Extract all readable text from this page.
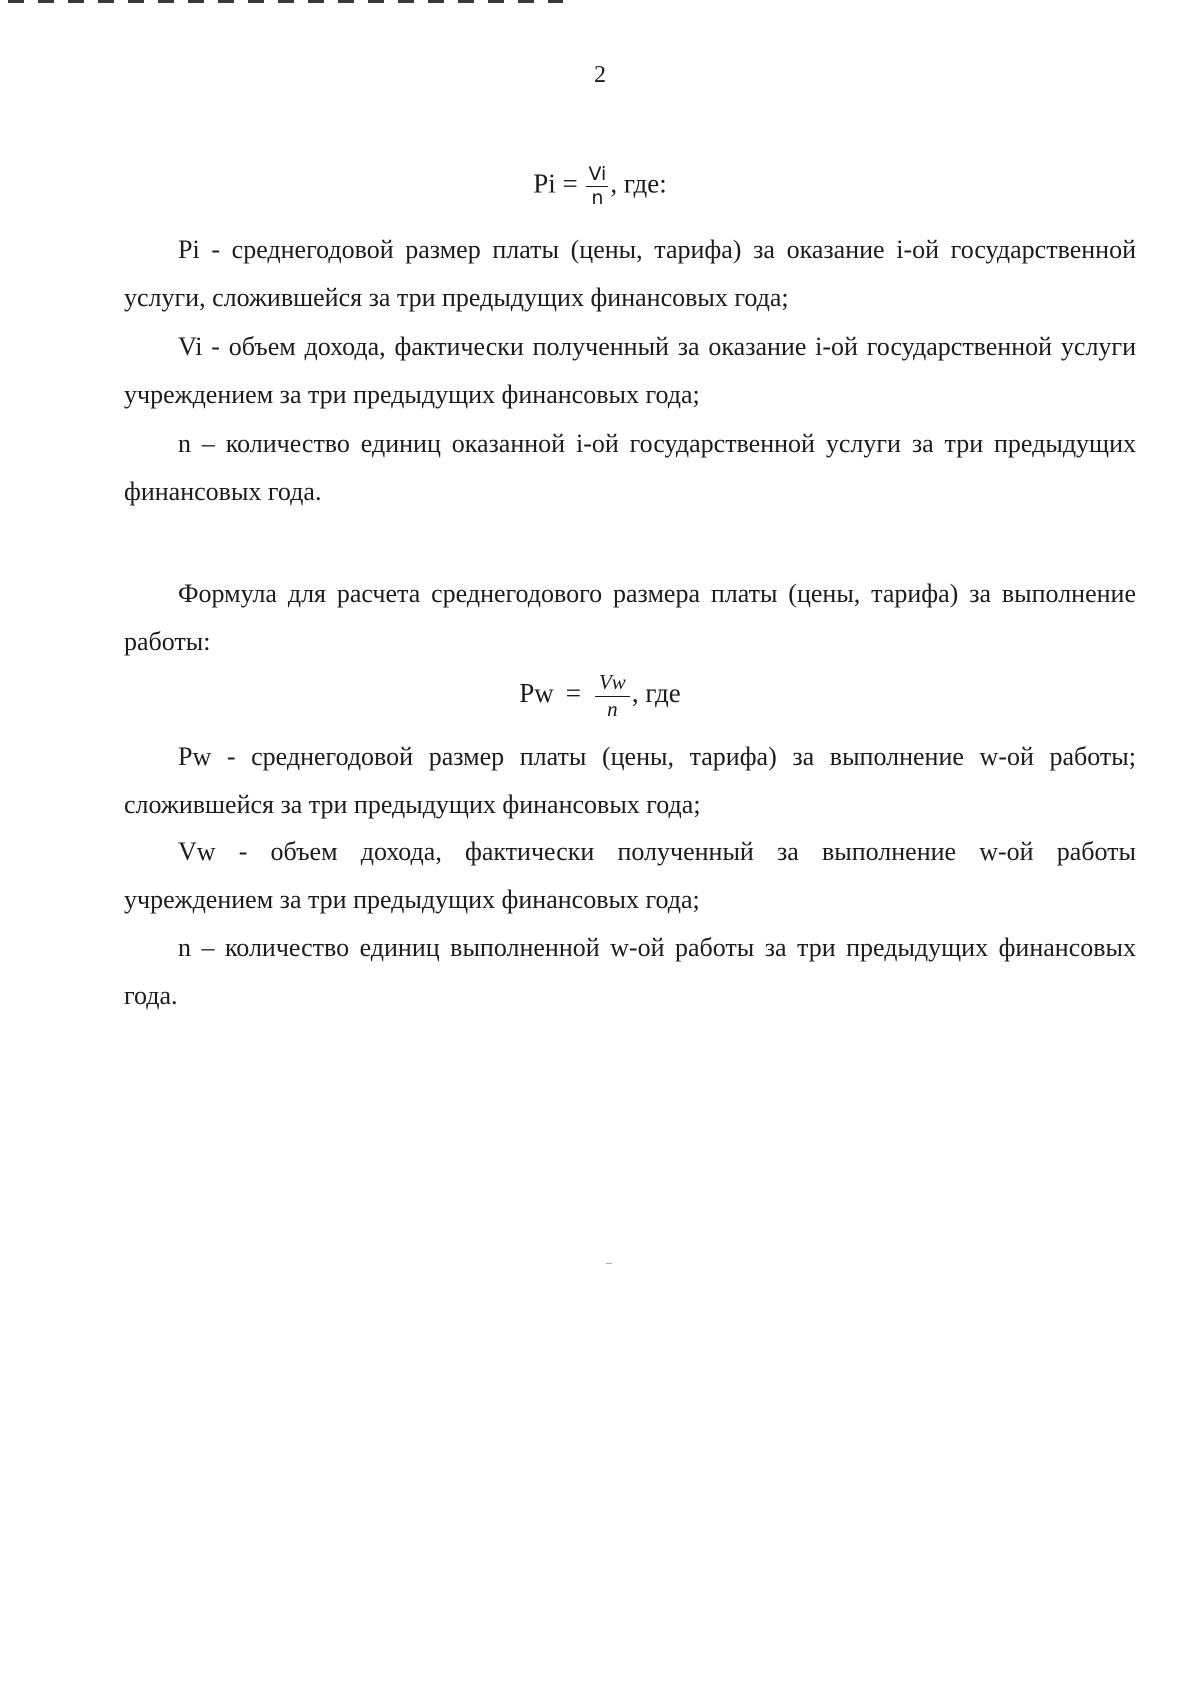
2
$Pi = \frac{Vi}{n}$ , где:

Pi - среднегодовой размер платы (цены, тарифа) за оказание i-ой государственной услуги, сложившейся за три предыдущих финансовых года;

Vi - объем дохода, фактически полученный за оказание i-ой государственной услуги учреждением за три предыдущих финансовых года;

n – количество единиц оказанной i-ой государственной услуги за три предыдущих финансовых года.

Формула для расчета среднегодового размера платы (цены, тарифа) за выполнение работы:

$Pw = \frac{Vw}{n}$ , где

Pw - среднегодовой размер платы (цены, тарифа) за выполнение w-ой работы; сложившейся за три предыдущих финансовых года;

Vw - объем дохода, фактически полученный за выполнение w-ой работы учреждением за три предыдущих финансовых года;

n – количество единиц выполненной w-ой работы за три предыдущих финансовых года.
